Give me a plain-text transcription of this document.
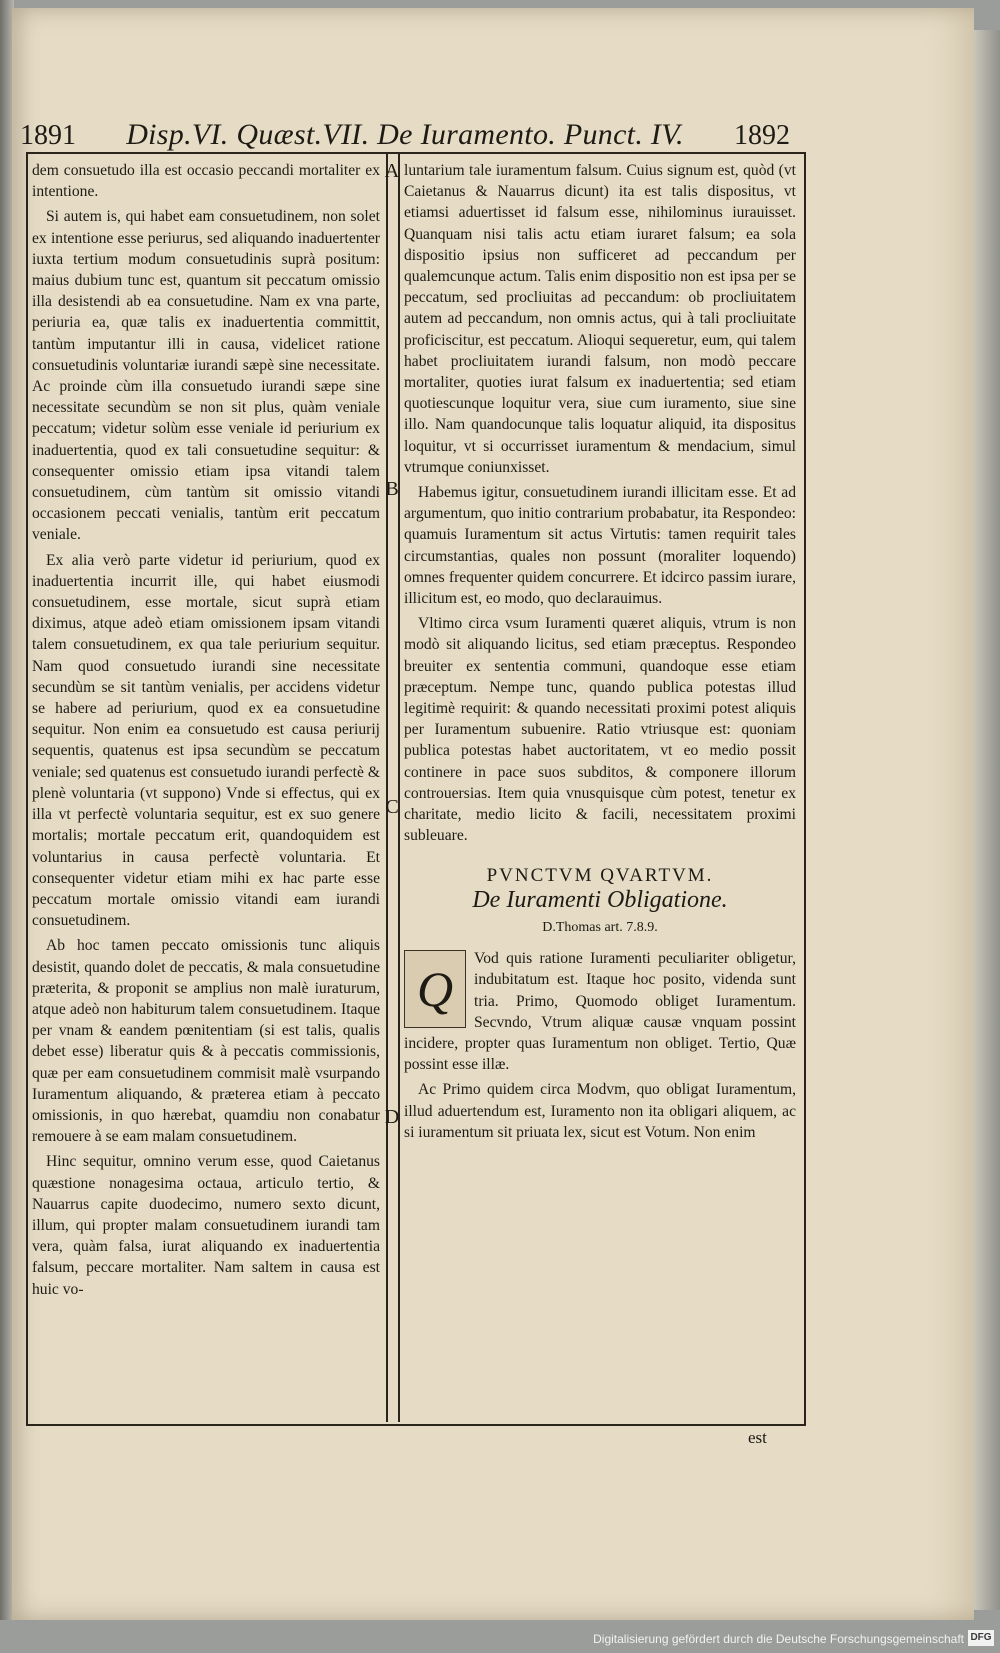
1891 Disp.VI. Quæst.VII. De Iuramento. Punct. IV. 1892
A
B
C
D

dem consuetudo illa est occasio peccandi mortaliter ex intentione.

Si autem is, qui habet eam consuetudinem, non solet ex intentione esse periurus, sed aliquando inaduertenter iuxta tertium modum consuetudinis suprà positum: maius dubium tunc est, quantum sit peccatum omissio illa desistendi ab ea consuetudine. Nam ex vna parte, periuria ea, quæ talis ex inaduertentia committit, tantùm imputantur illi in causa, videlicet ratione consuetudinis voluntariæ iurandi sæpè sine necessitate. Ac proinde cùm illa consuetudo iurandi sæpe sine necessitate secundùm se non sit plus, quàm veniale peccatum; videtur solùm esse veniale id periurium ex inaduertentia, quod ex tali consuetudine sequitur: & consequenter omissio etiam ipsa vitandi talem consuetudinem, cùm tantùm sit omissio vitandi occasionem peccati venialis, tantùm erit peccatum veniale.

Ex alia verò parte videtur id periurium, quod ex inaduertentia incurrit ille, qui habet eiusmodi consuetudinem, esse mortale, sicut suprà etiam diximus, atque adeò etiam omissionem ipsam vitandi talem consuetudinem, ex qua tale periurium sequitur. Nam quod consuetudo iurandi sine necessitate secundùm se sit tantùm venialis, per accidens videtur se habere ad periurium, quod ex ea consuetudine sequitur. Non enim ea consuetudo est causa periurij sequentis, quatenus est ipsa secundùm se peccatum veniale; sed quatenus est consuetudo iurandi perfectè & plenè voluntaria (vt suppono) Vnde si effectus, qui ex illa vt perfectè voluntaria sequitur, est ex suo genere mortalis; mortale peccatum erit, quandoquidem est voluntarius in causa perfectè voluntaria. Et consequenter videtur etiam mihi ex hac parte esse peccatum mortale omissio vitandi eam iurandi consuetudinem.

Ab hoc tamen peccato omissionis tunc aliquis desistit, quando dolet de peccatis, & mala consuetudine præterita, & proponit se amplius non malè iuraturum, atque adeò non habiturum talem consuetudinem. Itaque per vnam & eandem pœnitentiam (si est talis, qualis debet esse) liberatur quis & à peccatis commissionis, quæ per eam consuetudinem commisit malè vsurpando Iuramentum aliquando, & præterea etiam à peccato omissionis, in quo hærebat, quamdiu non conabatur remouere à se eam malam consuetudinem.

Hinc sequitur, omnino verum esse, quod Caietanus quæstione nonagesima octaua, articulo tertio, & Nauarrus capite duodecimo, numero sexto dicunt, illum, qui propter malam consuetudinem iurandi tam vera, quàm falsa, iurat aliquando ex inaduertentia falsum, peccare mortaliter. Nam saltem in causa est huic vo-

luntarium tale iuramentum falsum. Cuius signum est, quòd (vt Caietanus & Nauarrus dicunt) ita est talis dispositus, vt etiamsi aduertisset id falsum esse, nihilominus iurauisset. Quanquam nisi talis actu etiam iuraret falsum; ea sola dispositio ipsius non sufficeret ad peccandum per qualemcunque actum. Talis enim dispositio non est ipsa per se peccatum, sed procliuitas ad peccandum: ob procliuitatem autem ad peccandum, non omnis actus, qui à tali procliuitate proficiscitur, est peccatum. Alioqui sequeretur, eum, qui talem habet procliuitatem iurandi falsum, non modò peccare mortaliter, quoties iurat falsum ex inaduertentia; sed etiam quotiescunque loquitur vera, siue cum iuramento, siue sine illo. Nam quandocunque talis loquatur aliquid, ita dispositus loquitur, vt si occurrisset iuramentum & mendacium, simul vtrumque coniunxisset.

Habemus igitur, consuetudinem iurandi illicitam esse. Et ad argumentum, quo initio contrarium probabatur, ita Respondeo: quamuis Iuramentum sit actus Virtutis: tamen requirit tales circumstantias, quales non possunt (moraliter loquendo) omnes frequenter quidem concurrere. Et idcirco passim iurare, illicitum est, eo modo, quo declarauimus.

Vltimo circa vsum Iuramenti quæret aliquis, vtrum is non modò sit aliquando licitus, sed etiam præceptus. Respondeo breuiter ex sententia communi, quandoque esse etiam præceptum. Nempe tunc, quando publica potestas illud legitimè requirit: & quando necessitati proximi potest aliquis per Iuramentum subuenire. Ratio vtriusque est: quoniam publica potestas habet auctoritatem, vt eo medio possit continere in pace suos subditos, & componere illorum controuersias. Item quia vnusquisque cùm potest, tenetur ex charitate, medio licito & facili, necessitatem proximi subleuare.

PVNCTVM QVARTVM.
De Iuramenti Obligatione.
D.Thomas art. 7.8.9.

Q
Vod quis ratione Iuramenti peculiariter obligetur, indubitatum est. Itaque hoc posito, videnda sunt tria. Primo, Quomodo obliget Iuramentum. Secvndo, Vtrum aliquæ causæ vnquam possint incidere, propter quas Iuramentum non obliget. Tertio, Quæ possint esse illæ.

Ac Primo quidem circa Modvm, quo obligat Iuramentum, illud aduertendum est, Iuramento non ita obligari aliquem, ac si iuramentum sit priuata lex, sicut est Votum. Non enim

est
Digitalisierung gefördert durch die Deutsche Forschungsgemeinschaft DFG
